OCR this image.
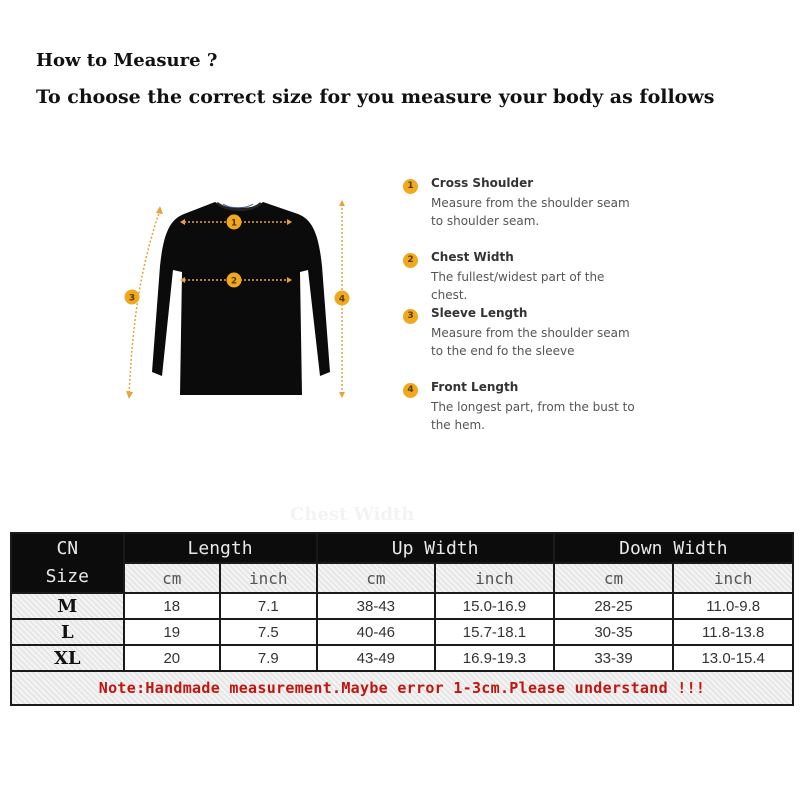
How to Measure ?
To choose the correct size for you measure your body as follows
1
2
3	4
1	Cross Shoulder
Measure from the shoulder seam to shoulder seam.
2	Chest Width
The fullest/widest part of the chest.
3	Sleeve Length
Measure from the shoulder seam to the end fo the sleeve
4	Front Length
The longest part, from the bust to the hem.
Chest Width
CN
Size	Length		Up Width		Down Width	
	cm	inch	cm	inch	cm	inch
M	18	7.1	38-43	15.0-16.9	28-25	11.0-9.8
L	19	7.5	40-46	15.7-18.1	30-35	11.8-13.8
XL	20	7.9	43-49	16.9-19.3	33-39	13.0-15.4
Note:Handmade measurement.Maybe error 1-3cm.Please understand !!!						
